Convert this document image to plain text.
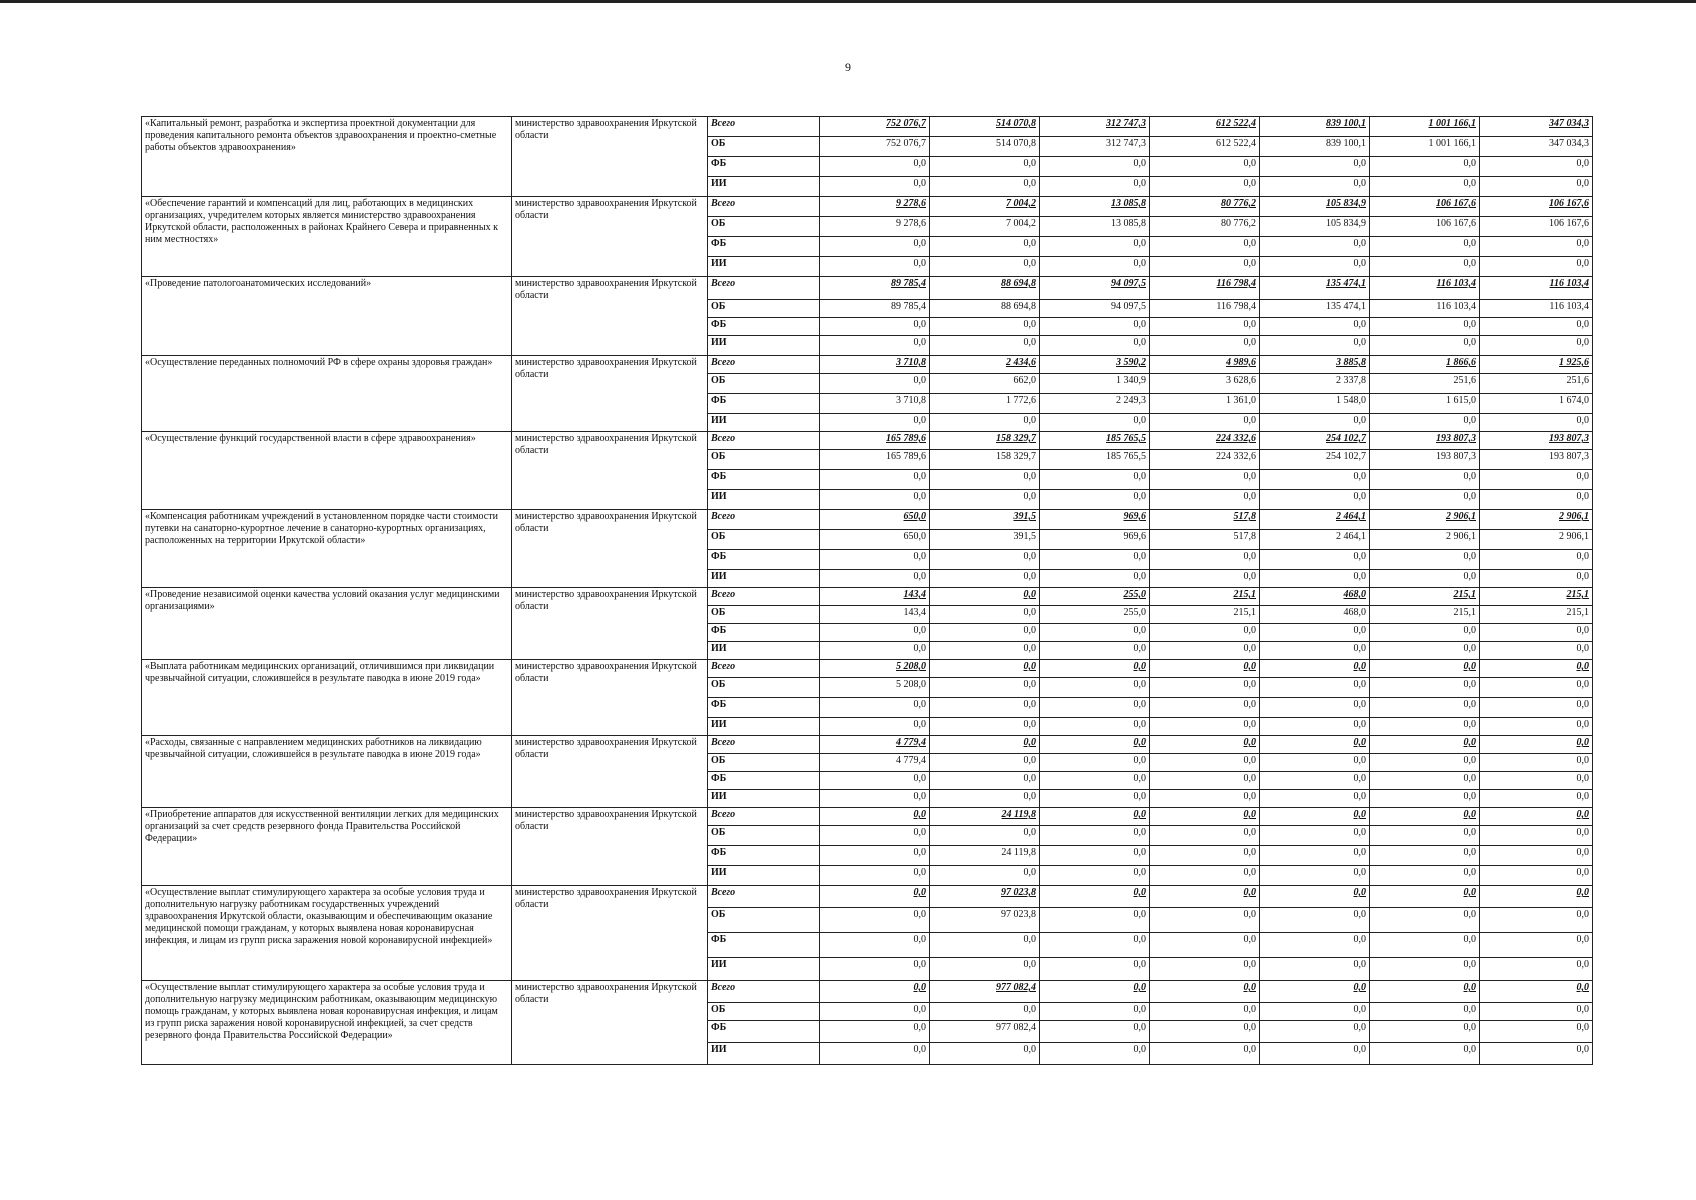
9
«Капитальный ремонт, разработка и экспертиза проектной документации для проведения капитального ремонта объектов здравоохранения и проектно-сметные работы объектов здравоохранения»	министерство здравоохранения Иркутской области	Всего	752 076,7	514 070,8	312 747,3	612 522,4	839 100,1	1 001 166,1	347 034,3
		ОБ	752 076,7	514 070,8	312 747,3	612 522,4	839 100,1	1 001 166,1	347 034,3
		ФБ	0,0	0,0	0,0	0,0	0,0	0,0	0,0
		ИИ	0,0	0,0	0,0	0,0	0,0	0,0	0,0
«Обеспечение гарантий и компенсаций для лиц, работающих в медицинских организациях, учредителем которых является министерство здравоохранения Иркутской области, расположенных в районах Крайнего Севера и приравненных к ним местностях»	министерство здравоохранения Иркутской области	Всего	9 278,6	7 004,2	13 085,8	80 776,2	105 834,9	106 167,6	106 167,6
		ОБ	9 278,6	7 004,2	13 085,8	80 776,2	105 834,9	106 167,6	106 167,6
		ФБ	0,0	0,0	0,0	0,0	0,0	0,0	0,0
		ИИ	0,0	0,0	0,0	0,0	0,0	0,0	0,0
«Проведение патологоанатомических исследований»	министерство здравоохранения Иркутской области	Всего	89 785,4	88 694,8	94 097,5	116 798,4	135 474,1	116 103,4	116 103,4
		ОБ	89 785,4	88 694,8	94 097,5	116 798,4	135 474,1	116 103,4	116 103,4
		ФБ	0,0	0,0	0,0	0,0	0,0	0,0	0,0
		ИИ	0,0	0,0	0,0	0,0	0,0	0,0	0,0
«Осуществление переданных полномочий РФ в сфере охраны здоровья граждан»	министерство здравоохранения Иркутской области	Всего	3 710,8	2 434,6	3 590,2	4 989,6	3 885,8	1 866,6	1 925,6
		ОБ	0,0	662,0	1 340,9	3 628,6	2 337,8	251,6	251,6
		ФБ	3 710,8	1 772,6	2 249,3	1 361,0	1 548,0	1 615,0	1 674,0
		ИИ	0,0	0,0	0,0	0,0	0,0	0,0	0,0
«Осуществление функций государственной власти в сфере здравоохранения»	министерство здравоохранения Иркутской области	Всего	165 789,6	158 329,7	185 765,5	224 332,6	254 102,7	193 807,3	193 807,3
		ОБ	165 789,6	158 329,7	185 765,5	224 332,6	254 102,7	193 807,3	193 807,3
		ФБ	0,0	0,0	0,0	0,0	0,0	0,0	0,0
		ИИ	0,0	0,0	0,0	0,0	0,0	0,0	0,0
«Компенсация работникам учреждений в установленном порядке части стоимости путевки на санаторно-курортное лечение в санаторно-курортных организациях, расположенных на территории Иркутской области»	министерство здравоохранения Иркутской области	Всего	650,0	391,5	969,6	517,8	2 464,1	2 906,1	2 906,1
		ОБ	650,0	391,5	969,6	517,8	2 464,1	2 906,1	2 906,1
		ФБ	0,0	0,0	0,0	0,0	0,0	0,0	0,0
		ИИ	0,0	0,0	0,0	0,0	0,0	0,0	0,0
«Проведение независимой оценки качества условий оказания услуг медицинскими организациями»	министерство здравоохранения Иркутской области	Всего	143,4	0,0	255,0	215,1	468,0	215,1	215,1
		ОБ	143,4	0,0	255,0	215,1	468,0	215,1	215,1
		ФБ	0,0	0,0	0,0	0,0	0,0	0,0	0,0
		ИИ	0,0	0,0	0,0	0,0	0,0	0,0	0,0
«Выплата работникам медицинских организаций, отличившимся при ликвидации чрезвычайной ситуации, сложившейся в результате паводка в июне 2019 года»	министерство здравоохранения Иркутской области	Всего	5 208,0	0,0	0,0	0,0	0,0	0,0	0,0
		ОБ	5 208,0	0,0	0,0	0,0	0,0	0,0	0,0
		ФБ	0,0	0,0	0,0	0,0	0,0	0,0	0,0
		ИИ	0,0	0,0	0,0	0,0	0,0	0,0	0,0
«Расходы, связанные с направлением медицинских работников на ликвидацию чрезвычайной ситуации, сложившейся в результате паводка в июне 2019 года»	министерство здравоохранения Иркутской области	Всего	4 779,4	0,0	0,0	0,0	0,0	0,0	0,0
		ОБ	4 779,4	0,0	0,0	0,0	0,0	0,0	0,0
		ФБ	0,0	0,0	0,0	0,0	0,0	0,0	0,0
		ИИ	0,0	0,0	0,0	0,0	0,0	0,0	0,0
«Приобретение аппаратов для искусственной вентиляции легких для медицинских организаций за счет средств резервного фонда Правительства Российской Федерации»	министерство здравоохранения Иркутской области	Всего	0,0	24 119,8	0,0	0,0	0,0	0,0	0,0
		ОБ	0,0	0,0	0,0	0,0	0,0	0,0	0,0
		ФБ	0,0	24 119,8	0,0	0,0	0,0	0,0	0,0
		ИИ	0,0	0,0	0,0	0,0	0,0	0,0	0,0
«Осуществление выплат стимулирующего характера за особые условия труда и дополнительную нагрузку работникам государственных учреждений здравоохранения Иркутской области, оказывающим и обеспечивающим оказание медицинской помощи гражданам, у которых выявлена новая коронавирусная инфекция, и лицам из групп риска заражения новой коронавирусной инфекцией»	министерство здравоохранения Иркутской области	Всего	0,0	97 023,8	0,0	0,0	0,0	0,0	0,0
		ОБ	0,0	97 023,8	0,0	0,0	0,0	0,0	0,0
		ФБ	0,0	0,0	0,0	0,0	0,0	0,0	0,0
		ИИ	0,0	0,0	0,0	0,0	0,0	0,0	0,0
«Осуществление выплат стимулирующего характера за особые условия труда и дополнительную нагрузку медицинским работникам, оказывающим медицинскую помощь гражданам, у которых выявлена новая коронавирусная инфекция, и лицам из групп риска заражения новой коронавирусной инфекцией, за счет средств резервного фонда Правительства Российской Федерации»	министерство здравоохранения Иркутской области	Всего	0,0	977 082,4	0,0	0,0	0,0	0,0	0,0
		ОБ	0,0	0,0	0,0	0,0	0,0	0,0	0,0
		ФБ	0,0	977 082,4	0,0	0,0	0,0	0,0	0,0
		ИИ	0,0	0,0	0,0	0,0	0,0	0,0	0,0
